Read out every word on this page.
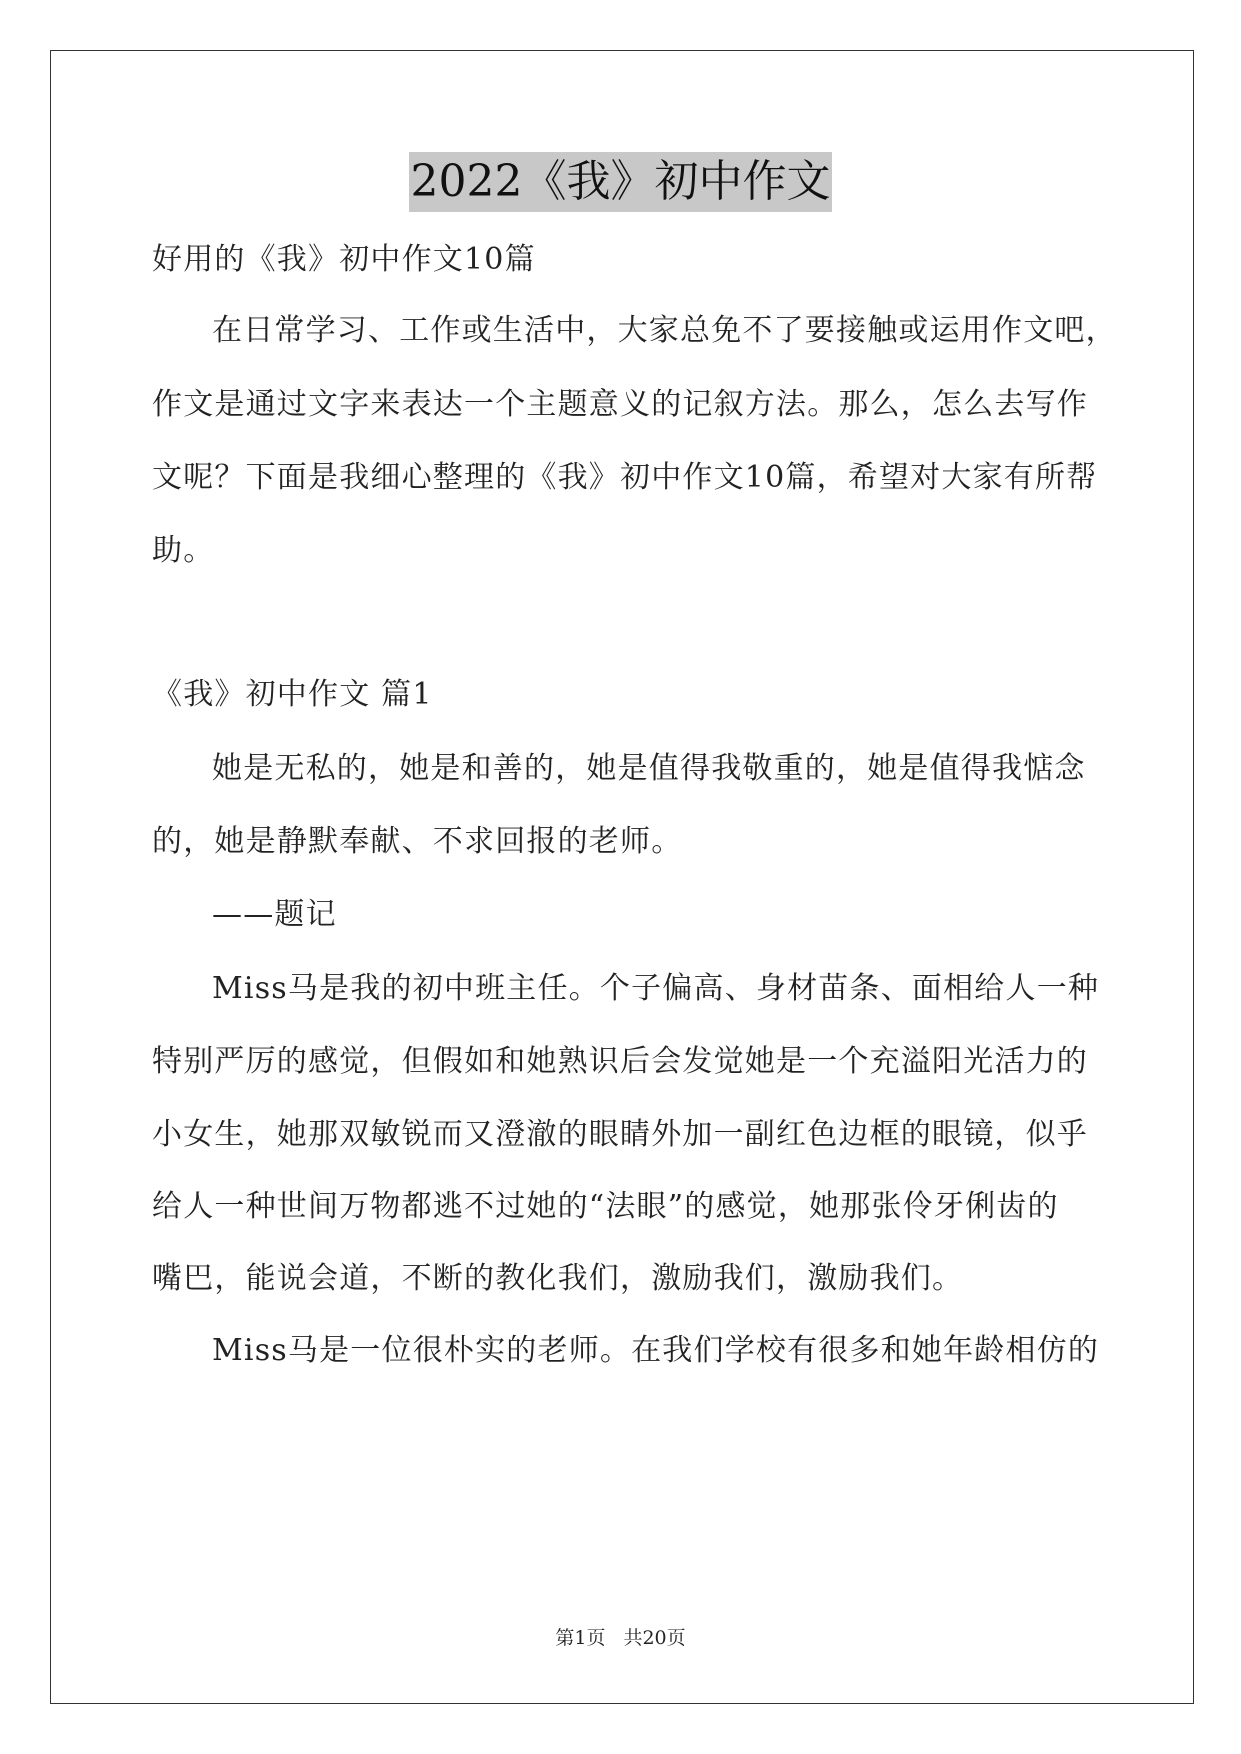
2022《我》初中作文
好用的《我》初中作文10篇
在日常学习、工作或生活中，大家总免不了要接触或运用作文吧，
作文是通过文字来表达一个主题意义的记叙方法。那么，怎么去写作
文呢？下面是我细心整理的《我》初中作文10篇，希望对大家有所帮
助。
《我》初中作文 篇1
她是无私的，她是和善的，她是值得我敬重的，她是值得我惦念
的，她是静默奉献、不求回报的老师。
——题记
Miss马是我的初中班主任。个子偏高、身材苗条、面相给人一种
特别严厉的感觉，但假如和她熟识后会发觉她是一个充溢阳光活力的
小女生，她那双敏锐而又澄澈的眼睛外加一副红色边框的眼镜，似乎
给人一种世间万物都逃不过她的“法眼”的感觉，她那张伶牙俐齿的
嘴巴，能说会道，不断的教化我们，激励我们，激励我们。
Miss马是一位很朴实的老师。在我们学校有很多和她年龄相仿的
第1页 共20页
